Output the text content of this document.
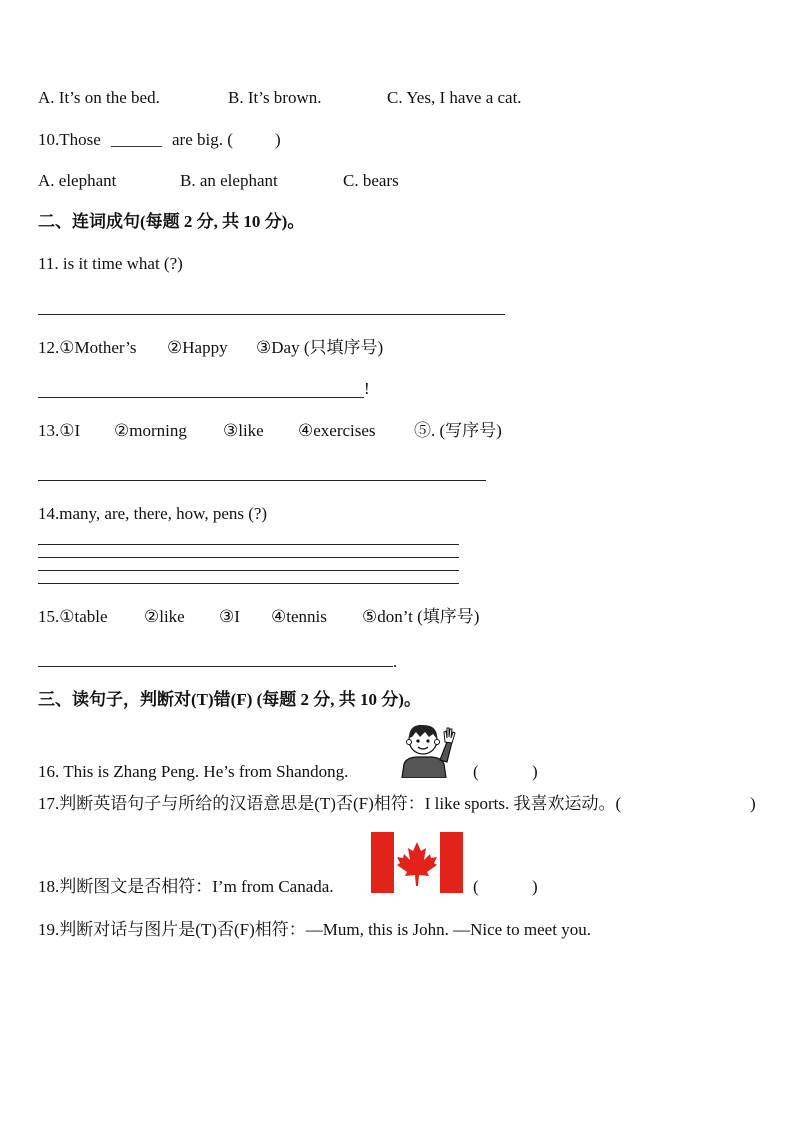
A. It’s on the bed.	B. It’s brown.	C. Yes, I have a cat.
10.Those ______ are big. ( )
A. elephant	B. an elephant	C. bears
二、连词成句(每题 2 分, 共 10 分)。
11. is it time what (?)
12.①Mother’s ②Happy ③Day (只填序号)
!
13.①I ②morning ③like ④exercises ⑤. (写序号)
14.many, are, there, how, pens (?)
15.①table ②like ③I ④tennis ⑤don’t (填序号)
.
三、读句子，判断对(T)错(F) (每题 2 分, 共 10 分)。
16. This is Zhang Peng. He’s from Shandong.	(	)
17.判断英语句子与所给的汉语意思是(T)否(F)相符：I like sports. 我喜欢运动。(	)
18.判断图文是否相符：I’m from Canada.	(	)
19.判断对话与图片是(T)否(F)相符：—Mum, this is John. —Nice to meet you.
